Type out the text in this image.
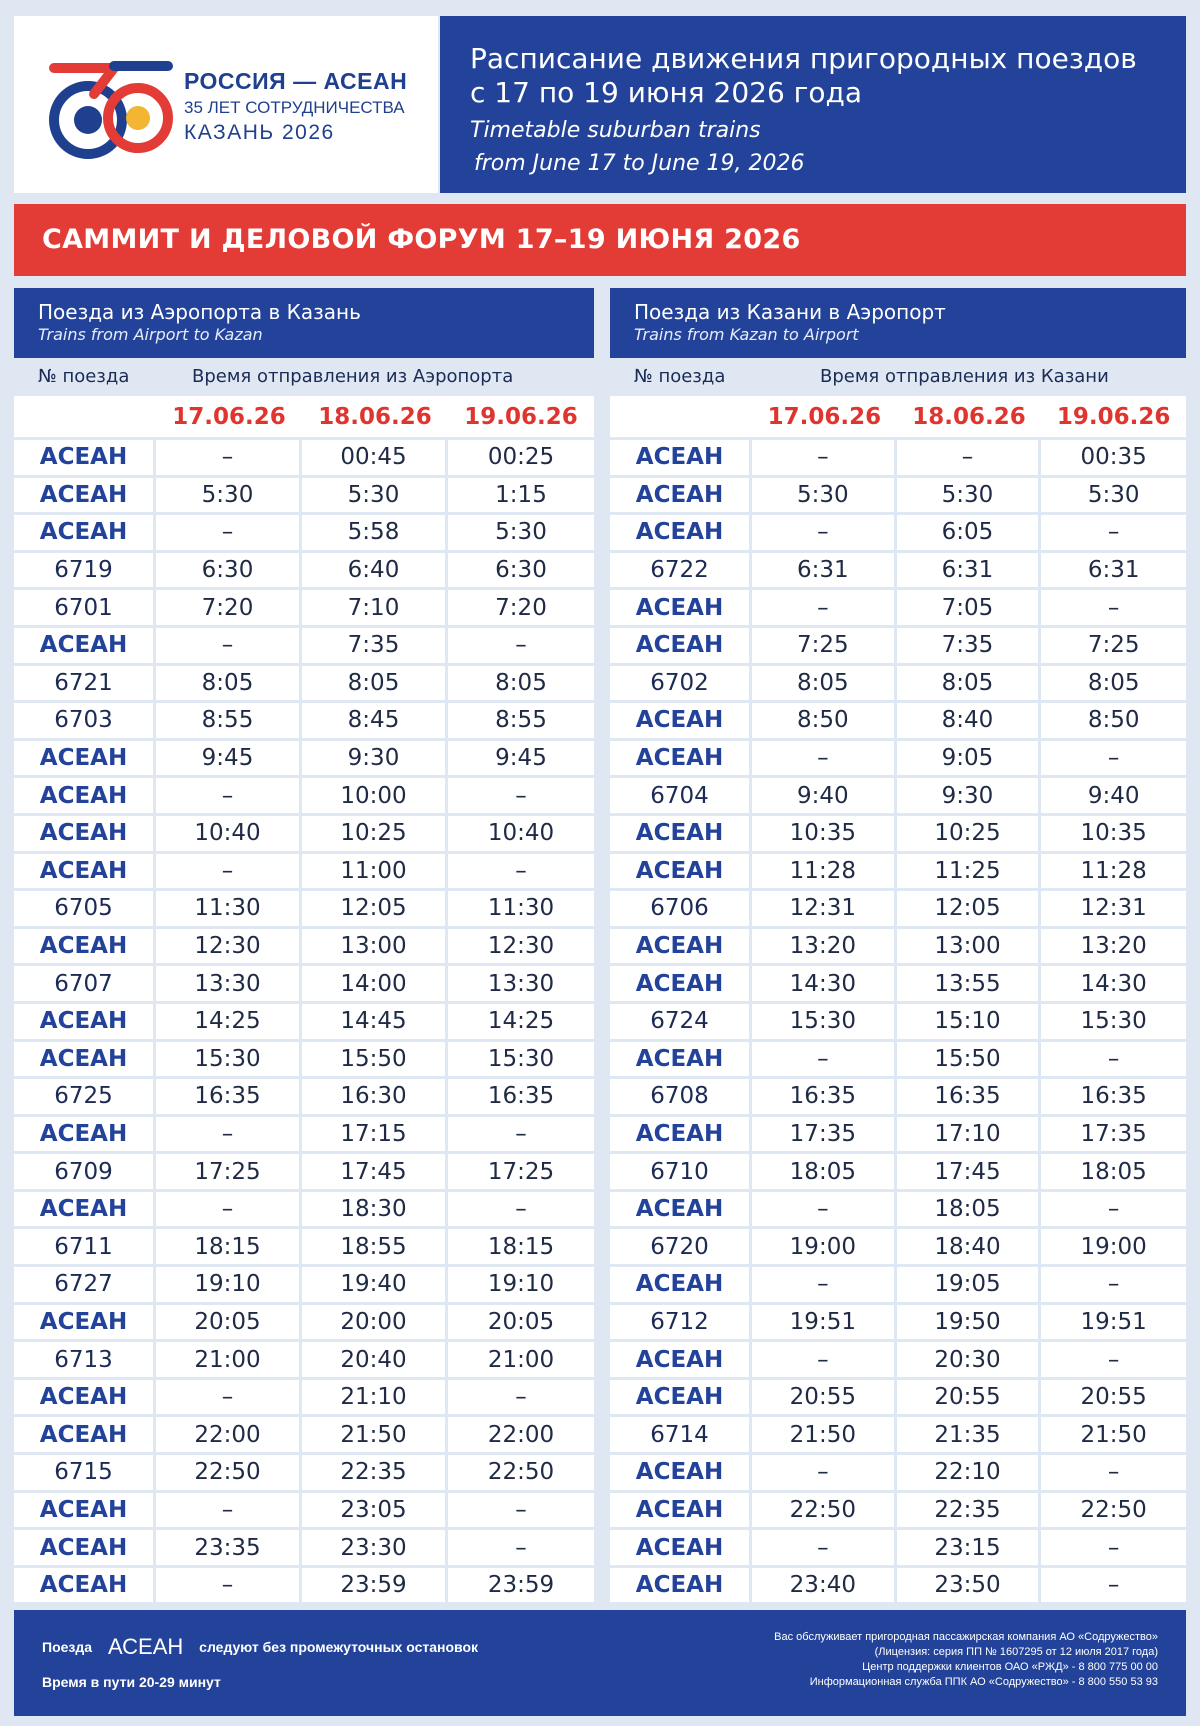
РОССИЯ — АСЕАН
35 ЛЕТ СОТРУДНИЧЕСТВА
КАЗАНЬ 2026
Расписание движения пригородных поездов
с 17 по 19 июня 2026 года
Timetable suburban trains
from June 17 to June 19, 2026
САММИТ И ДЕЛОВОЙ ФОРУМ 17–19 ИЮНЯ 2026
Поезда из Аэропорта в Казань
Trains from Airport to Kazan
№ поезда	Время отправления из Аэропорта
	17.06.26	18.06.26	19.06.26
АСЕАН	–	00:45	00:25
АСЕАН	5:30	5:30	1:15
АСЕАН	–	5:58	5:30
6719	6:30	6:40	6:30
6701	7:20	7:10	7:20
АСЕАН	–	7:35	–
6721	8:05	8:05	8:05
6703	8:55	8:45	8:55
АСЕАН	9:45	9:30	9:45
АСЕАН	–	10:00	–
АСЕАН	10:40	10:25	10:40
АСЕАН	–	11:00	–
6705	11:30	12:05	11:30
АСЕАН	12:30	13:00	12:30
6707	13:30	14:00	13:30
АСЕАН	14:25	14:45	14:25
АСЕАН	15:30	15:50	15:30
6725	16:35	16:30	16:35
АСЕАН	–	17:15	–
6709	17:25	17:45	17:25
АСЕАН	–	18:30	–
6711	18:15	18:55	18:15
6727	19:10	19:40	19:10
АСЕАН	20:05	20:00	20:05
6713	21:00	20:40	21:00
АСЕАН	–	21:10	–
АСЕАН	22:00	21:50	22:00
6715	22:50	22:35	22:50
АСЕАН	–	23:05	–
АСЕАН	23:35	23:30	–
АСЕАН	–	23:59	23:59
Поезда из Казани в Аэропорт
Trains from Kazan to Airport
№ поезда	Время отправления из Казани
	17.06.26	18.06.26	19.06.26
АСЕАН	–	–	00:35
АСЕАН	5:30	5:30	5:30
АСЕАН	–	6:05	–
6722	6:31	6:31	6:31
АСЕАН	–	7:05	–
АСЕАН	7:25	7:35	7:25
6702	8:05	8:05	8:05
АСЕАН	8:50	8:40	8:50
АСЕАН	–	9:05	–
6704	9:40	9:30	9:40
АСЕАН	10:35	10:25	10:35
АСЕАН	11:28	11:25	11:28
6706	12:31	12:05	12:31
АСЕАН	13:20	13:00	13:20
АСЕАН	14:30	13:55	14:30
6724	15:30	15:10	15:30
АСЕАН	–	15:50	–
6708	16:35	16:35	16:35
АСЕАН	17:35	17:10	17:35
6710	18:05	17:45	18:05
АСЕАН	–	18:05	–
6720	19:00	18:40	19:00
АСЕАН	–	19:05	–
6712	19:51	19:50	19:51
АСЕАН	–	20:30	–
АСЕАН	20:55	20:55	20:55
6714	21:50	21:35	21:50
АСЕАН	–	22:10	–
АСЕАН	22:50	22:35	22:50
АСЕАН	–	23:15	–
АСЕАН	23:40	23:50	–
Поезда АСЕАН следуют без промежуточных остановок
Время в пути 20-29 минут
Вас обслуживает пригородная пассажирская компания АО «Содружество»
(Лицензия: серия ПП № 1607295 от 12 июля 2017 года)
Центр поддержки клиентов ОАО «РЖД» - 8 800 775 00 00
Информационная служба ППК АО «Содружество» - 8 800 550 53 93
